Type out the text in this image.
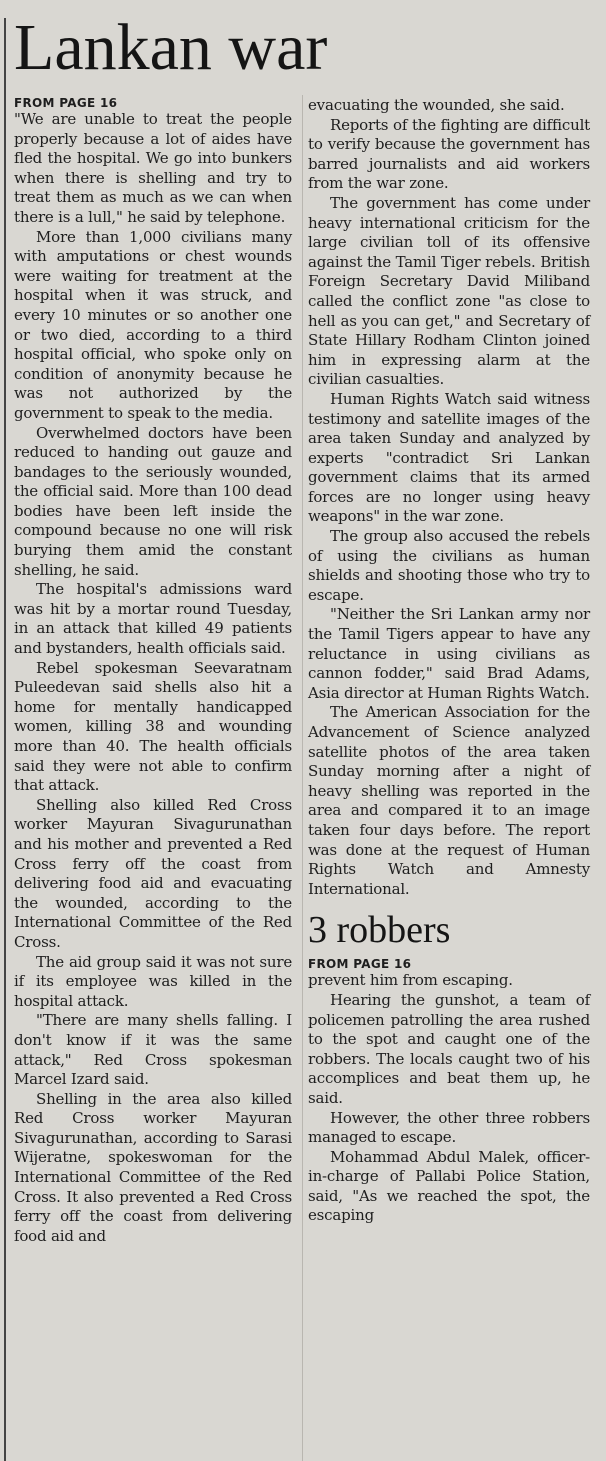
Lankan war

FROM PAGE 16

"We are unable to treat the people properly because a lot of aides have fled the hospital. We go into bunkers when there is shelling and try to treat them as much as we can when there is a lull," he said by telephone.

More than 1,000 civilians many with amputations or chest wounds were waiting for treatment at the hospital when it was struck, and every 10 minutes or so another one or two died, according to a third hospital official, who spoke only on condition of anonymity because he was not authorized by the government to speak to the media.

Overwhelmed doctors have been reduced to handing out gauze and bandages to the seriously wounded, the official said. More than 100 dead bodies have been left inside the compound because no one will risk burying them amid the constant shelling, he said.

The hospital's admissions ward was hit by a mortar round Tuesday, in an attack that killed 49 patients and bystanders, health officials said.

Rebel spokesman Seevaratnam Puleedevan said shells also hit a home for mentally handicapped women, killing 38 and wounding more than 40. The health officials said they were not able to confirm that attack.

Shelling also killed Red Cross worker Mayuran Sivagurunathan and his mother and prevented a Red Cross ferry off the coast from delivering food aid and evacuating the wounded, according to the International Committee of the Red Cross.

The aid group said it was not sure if its employee was killed in the hospital attack.

"There are many shells falling. I don't know if it was the same attack," Red Cross spokesman Marcel Izard said.

Shelling in the area also killed Red Cross worker Mayuran Sivagurunathan, according to Sarasi Wijeratne, spokeswoman for the International Committee of the Red Cross. It also prevented a Red Cross ferry off the coast from delivering food aid and

evacuating the wounded, she said.

Reports of the fighting are difficult to verify because the government has barred journalists and aid workers from the war zone.

The government has come under heavy international criticism for the large civilian toll of its offensive against the Tamil Tiger rebels. British Foreign Secretary David Miliband called the conflict zone "as close to hell as you can get," and Secretary of State Hillary Rodham Clinton joined him in expressing alarm at the civilian casualties.

Human Rights Watch said witness testimony and satellite images of the area taken Sunday and analyzed by experts "contradict Sri Lankan government claims that its armed forces are no longer using heavy weapons" in the war zone.

The group also accused the rebels of using the civilians as human shields and shooting those who try to escape.

"Neither the Sri Lankan army nor the Tamil Tigers appear to have any reluctance in using civilians as cannon fodder," said Brad Adams, Asia director at Human Rights Watch.

The American Association for the Advancement of Science analyzed satellite photos of the area taken Sunday morning after a night of heavy shelling was reported in the area and compared it to an image taken four days before. The report was done at the request of Human Rights Watch and Amnesty International.

3 robbers

FROM PAGE 16

prevent him from escaping.

Hearing the gunshot, a team of policemen patrolling the area rushed to the spot and caught one of the robbers. The locals caught two of his accomplices and beat them up, he said.

However, the other three robbers managed to escape.

Mohammad Abdul Malek, officer-in-charge of Pallabi Police Station, said, "As we reached the spot, the escaping
